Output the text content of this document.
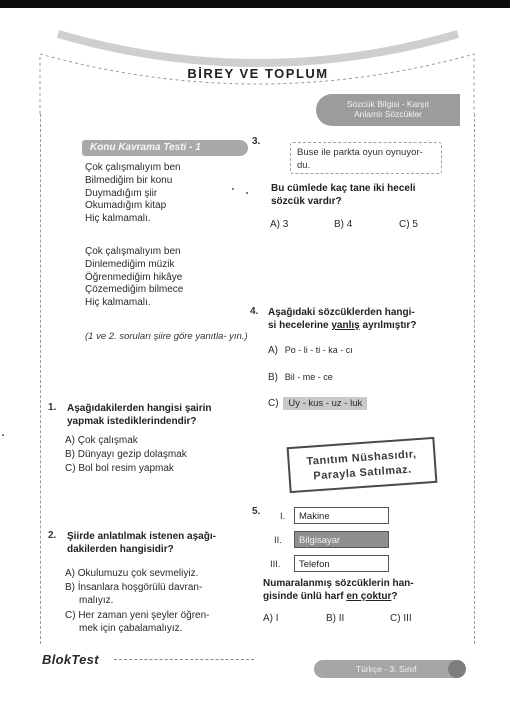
BİREY VE TOPLUM
Sözcük Bilgisi - Karşıt
Anlamlı Sözcükler
Konu Kavrama Testi - 1
Çok çalışmalıyım ben
Bilmediğim bir konu
Duymadığım şiir
Okumadığım kitap
Hiç kalmamalı.
Çok çalışmalıyım ben
Dinlemediğim müzik
Öğrenmediğim hikâye
Çözemediğim bilmece
Hiç kalmamalı.
(1 ve 2. soruları şiire göre yanıtla- yın.)
1. Aşağıdakilerden hangisi şairin
yapmak istediklerindendir?
A) Çok çalışmak
B) Dünyayı gezip dolaşmak
C) Bol bol resim yapmak
2. Şiirde anlatılmak istenen aşağı-
dakilerden hangisidir?
A) Okulumuzu çok sevmeliyiz.
B) İnsanlara hoşgörülü davran-
malıyız.
C) Her zaman yeni şeyler öğren-
mek için çabalamalıyız.
3.
Buse ile parkta oyun oynuyor-
du.
Bu cümlede kaç tane iki heceli
sözcük vardır?
A) 3	B) 4	C) 5
4. Aşağıdaki sözcüklerden hangi-
si hecelerine yanlış ayrılmıştır?
A) Po - li - ti - ka - cı
B) Bil - me - ce
C) Uy - kus - uz - luk
Tanıtım Nüshasıdır,
Parayla Satılmaz.
5. I.	Makine
II.	Bilgisayar
III.	Telefon
Numaralanmış sözcüklerin han-
gisinde ünlü harf en çoktur?
A) I	B) II	C) III
BlokTest
Türkçe - 3. Sınıf
